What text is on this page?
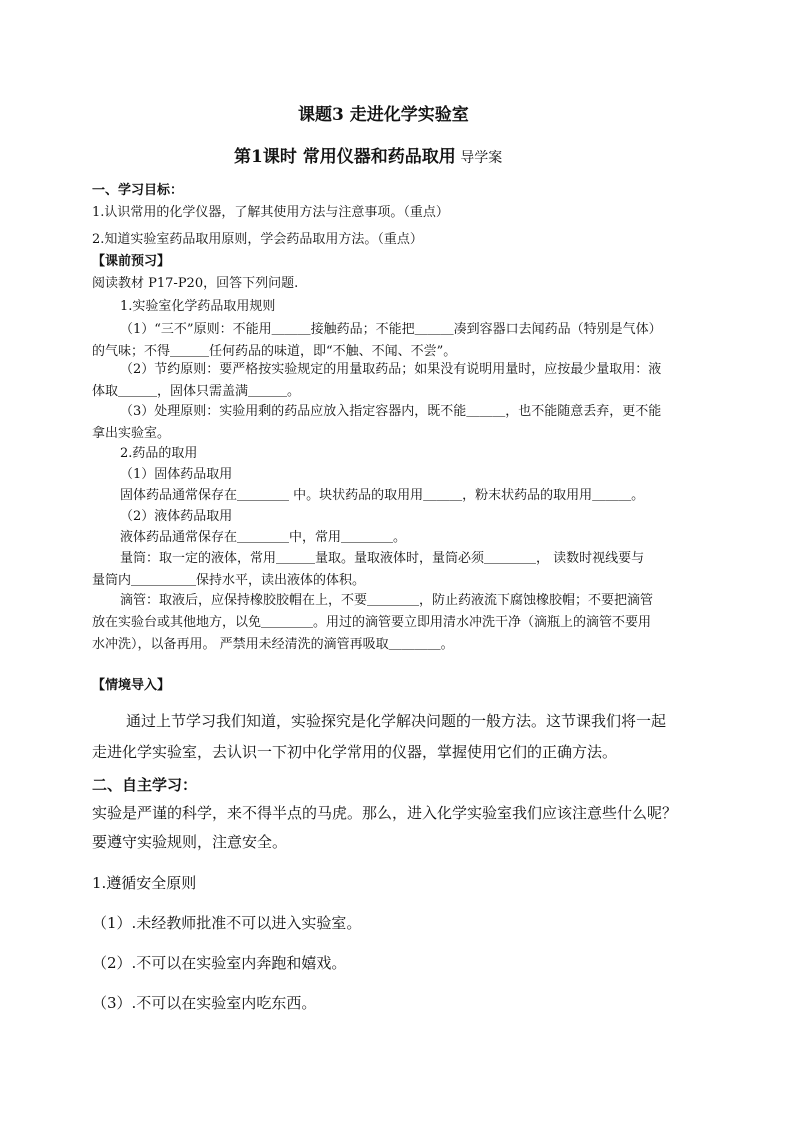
课题3 走进化学实验室
第1课时 常用仪器和药品取用 导学案
一、学习目标：
1.认识常用的化学仪器，了解其使用方法与注意事项。（重点）
2.知道实验室药品取用原则，学会药品取用方法。（重点）
【课前预习】
阅读教材 P17-P20，回答下列问题.
1.实验室化学药品取用规则
（1）“三不”原则：不能用＿＿＿接触药品；不能把＿＿＿凑到容器口去闻药品（特别是气体）
的气味；不得＿＿＿任何药品的味道，即“不触、不闻、不尝”。
（2）节约原则：要严格按实验规定的用量取药品；如果没有说明用量时，应按最少量取用：液
体取＿＿＿，固体只需盖满＿＿＿。
（3）处理原则：实验用剩的药品应放入指定容器内，既不能＿＿＿，也不能随意丢弃，更不能
拿出实验室。
2.药品的取用
（1）固体药品取用
固体药品通常保存在＿＿＿＿ 中。块状药品的取用用＿＿＿，粉末状药品的取用用＿＿＿。
（2）液体药品取用
液体药品通常保存在＿＿＿＿中，常用＿＿＿＿。
量筒：取一定的液体，常用＿＿＿量取。量取液体时，量筒必须＿＿＿＿， 读数时视线要与
量筒内＿＿＿＿＿保持水平，读出液体的体积。
滴管：取液后，应保持橡胶胶帽在上，不要＿＿＿＿，防止药液流下腐蚀橡胶帽；不要把滴管
放在实验台或其他地方，以免＿＿＿＿。用过的滴管要立即用清水冲洗干净（滴瓶上的滴管不要用
水冲洗），以备再用。 严禁用未经清洗的滴管再吸取＿＿＿＿。
【情境导入】
通过上节学习我们知道，实验探究是化学解决问题的一般方法。这节课我们将一起
走进化学实验室，去认识一下初中化学常用的仪器，掌握使用它们的正确方法。
二、自主学习：
实验是严谨的科学，来不得半点的马虎。那么，进入化学实验室我们应该注意些什么呢？
要遵守实验规则，注意安全。
1.遵循安全原则
（1）.未经教师批准不可以进入实验室。
（2）.不可以在实验室内奔跑和嬉戏。
（3）.不可以在实验室内吃东西。
